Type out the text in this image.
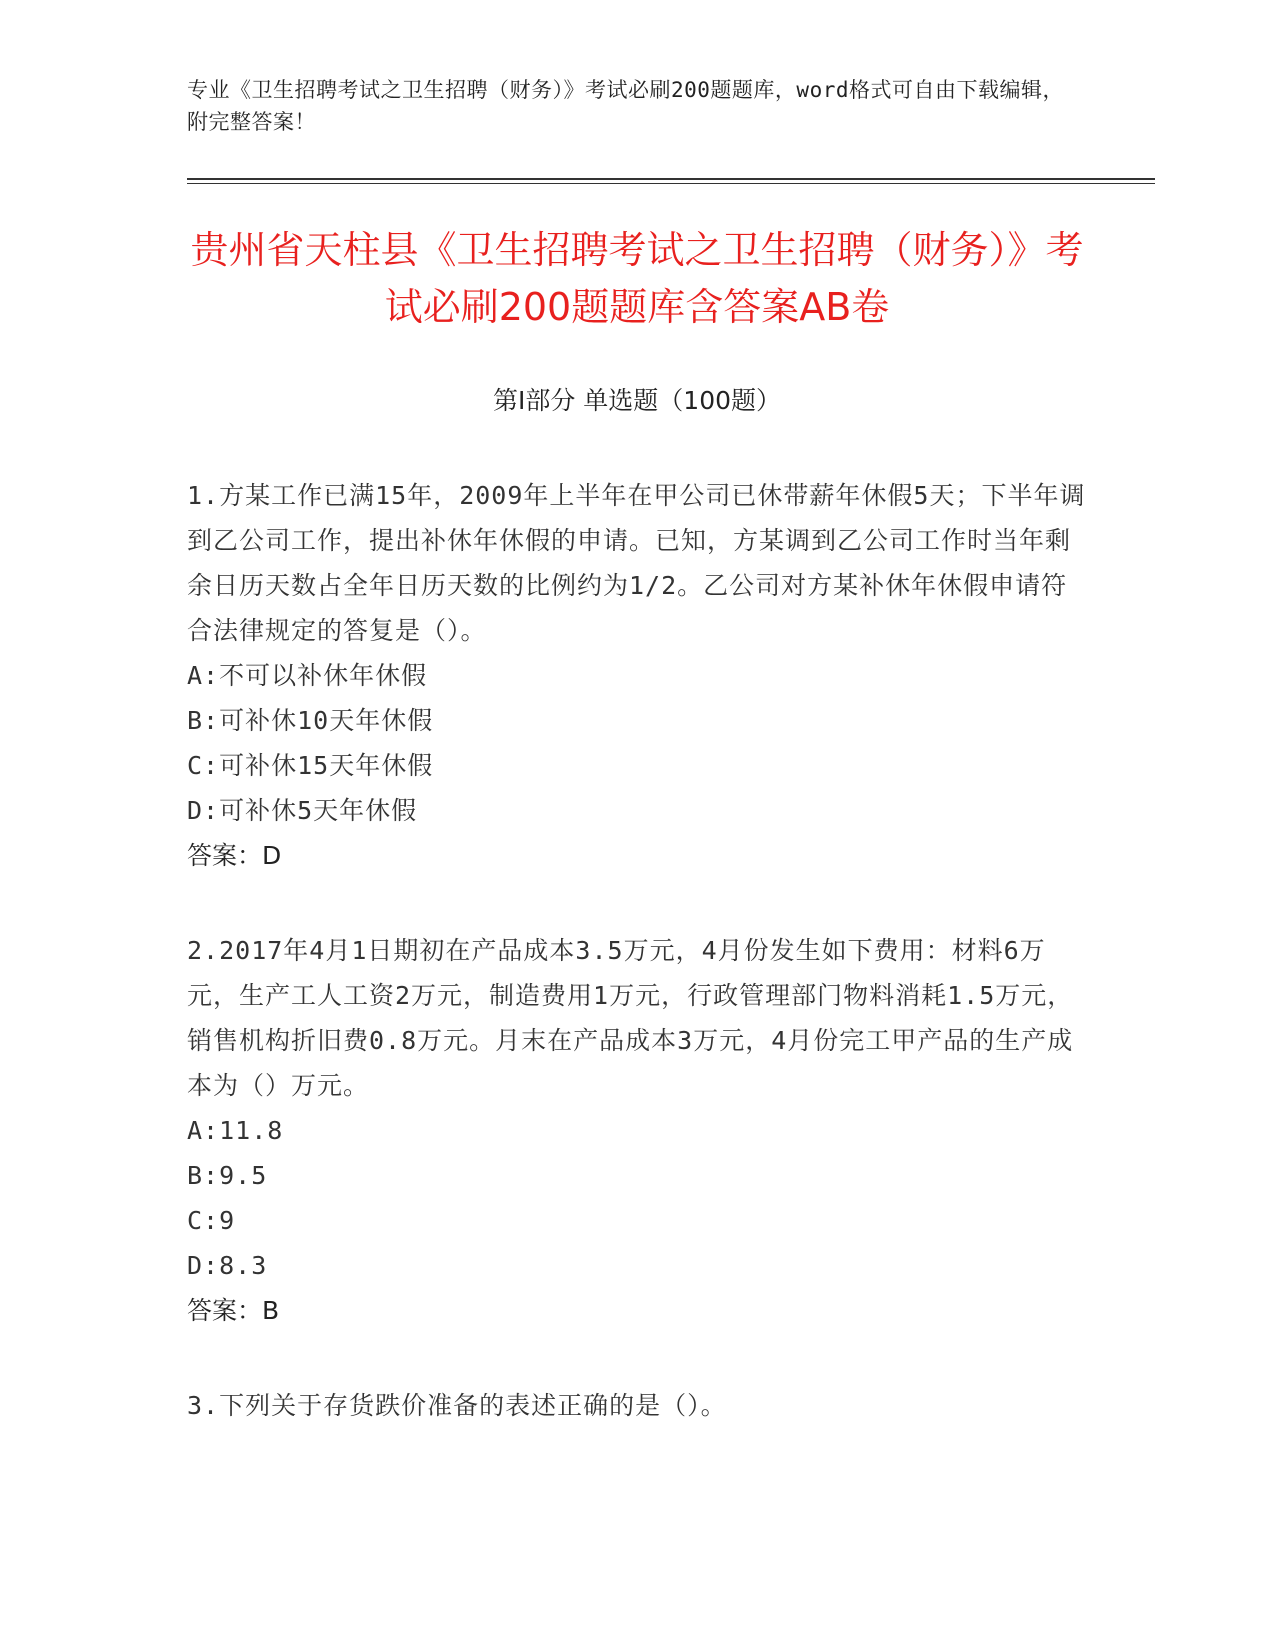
专业《卫生招聘考试之卫生招聘（财务）》考试必刷200题题库，word格式可自由下载编辑，附完整答案！
贵州省天柱县《卫生招聘考试之卫生招聘（财务）》考试必刷200题题库含答案AB卷
第Ⅰ部分 单选题（100题）
1.方某工作已满15年，2009年上半年在甲公司已休带薪年休假5天；下半年调到乙公司工作，提出补休年休假的申请。已知，方某调到乙公司工作时当年剩余日历天数占全年日历天数的比例约为1/2。乙公司对方某补休年休假申请符合法律规定的答复是（）。
A:不可以补休年休假
B:可补休10天年休假
C:可补休15天年休假
D:可补休5天年休假
答案：D
2.2017年4月1日期初在产品成本3.5万元，4月份发生如下费用：材料6万元，生产工人工资2万元，制造费用1万元，行政管理部门物料消耗1.5万元，销售机构折旧费0.8万元。月末在产品成本3万元，4月份完工甲产品的生产成本为（）万元。
A:11.8
B:9.5
C:9
D:8.3
答案：B
3.下列关于存货跌价准备的表述正确的是（）。
